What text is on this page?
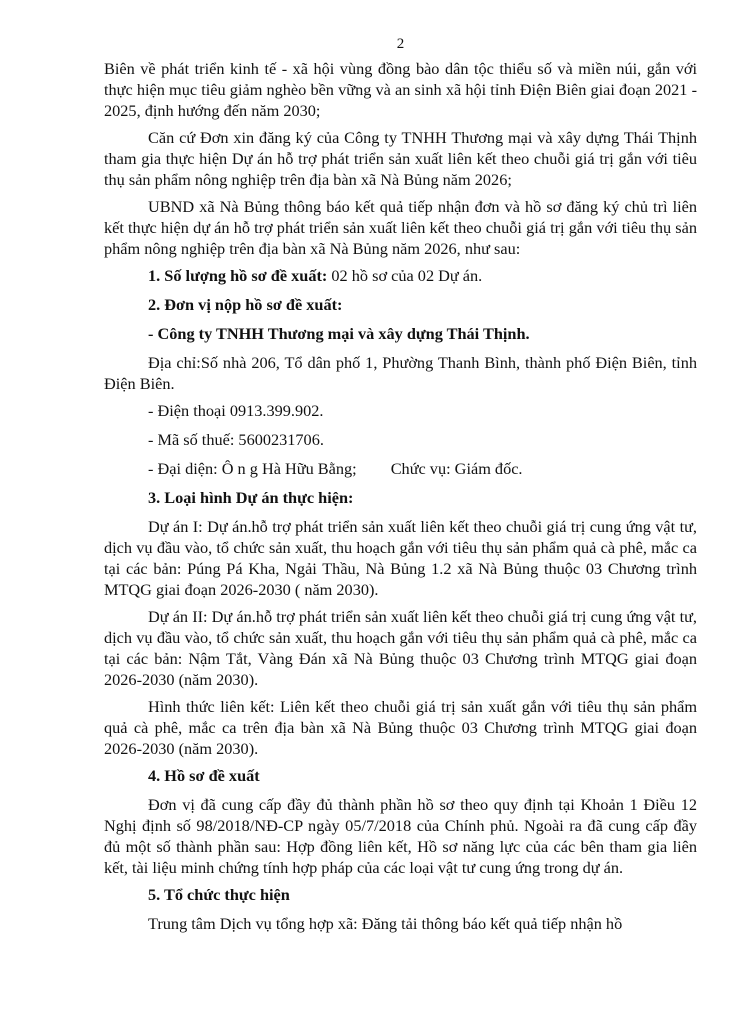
2

Biên về phát triển kinh tế - xã hội vùng đồng bào dân tộc thiểu số và miền núi, gắn với thực hiện mục tiêu giảm nghèo bền vững và an sinh xã hội tỉnh Điện Biên giai đoạn 2021 - 2025, định hướng đến năm 2030;

Căn cứ Đơn xin đăng ký của Công ty TNHH Thương mại và xây dựng Thái Thịnh tham gia thực hiện Dự án hỗ trợ phát triển sản xuất liên kết theo chuỗi giá trị gắn với tiêu thụ sản phẩm nông nghiệp trên địa bàn xã Nà Bủng năm 2026;

UBND xã Nà Bủng thông báo kết quả tiếp nhận đơn và hồ sơ đăng ký chủ trì liên kết thực hiện dự án hỗ trợ phát triển sản xuất liên kết theo chuỗi giá trị gắn với tiêu thụ sản phẩm nông nghiệp trên địa bàn xã Nà Bủng năm 2026, như sau:

1. Số lượng hồ sơ đề xuất: 02 hồ sơ của 02 Dự án.
2. Đơn vị nộp hồ sơ đề xuất:
- Công ty TNHH Thương mại và xây dựng Thái Thịnh.

Địa chỉ:Số nhà 206, Tổ dân phố 1, Phường Thanh Bình, thành phố Điện Biên, tỉnh Điện Biên.

- Điện thoại 0913.399.902.
- Mã số thuế: 5600231706.
- Đại diện: Ô n g Hà Hữu Bằng; Chức vụ: Giám đốc.
3. Loại hình Dự án thực hiện:

Dự án I: Dự án.hỗ trợ phát triển sản xuất liên kết theo chuỗi giá trị cung ứng vật tư, dịch vụ đầu vào, tổ chức sản xuất, thu hoạch gắn với tiêu thụ sản phẩm quả cà phê, mắc ca tại các bản: Púng Pá Kha, Ngải Thầu, Nà Bủng 1.2 xã Nà Bủng thuộc 03 Chương trình MTQG giai đoạn 2026-2030 ( năm 2030).

Dự án II: Dự án.hỗ trợ phát triển sản xuất liên kết theo chuỗi giá trị cung ứng vật tư, dịch vụ đầu vào, tổ chức sản xuất, thu hoạch gắn với tiêu thụ sản phẩm quả cà phê, mắc ca tại các bản: Nậm Tắt, Vàng Đán xã Nà Bủng thuộc 03 Chương trình MTQG giai đoạn 2026-2030 (năm 2030).

Hình thức liên kết: Liên kết theo chuỗi giá trị sản xuất gắn với tiêu thụ sản phẩm quả cà phê, mắc ca trên địa bàn xã Nà Bủng thuộc 03 Chương trình MTQG giai đoạn 2026-2030 (năm 2030).

4. Hồ sơ đề xuất

Đơn vị đã cung cấp đầy đủ thành phần hồ sơ theo quy định tại Khoản 1 Điều 12 Nghị định số 98/2018/NĐ-CP ngày 05/7/2018 của Chính phủ. Ngoài ra đã cung cấp đầy đủ một số thành phần sau: Hợp đồng liên kết, Hồ sơ năng lực của các bên tham gia liên kết, tài liệu minh chứng tính hợp pháp của các loại vật tư cung ứng trong dự án.

5. Tổ chức thực hiện

Trung tâm Dịch vụ tổng hợp xã: Đăng tải thông báo kết quả tiếp nhận hồ
